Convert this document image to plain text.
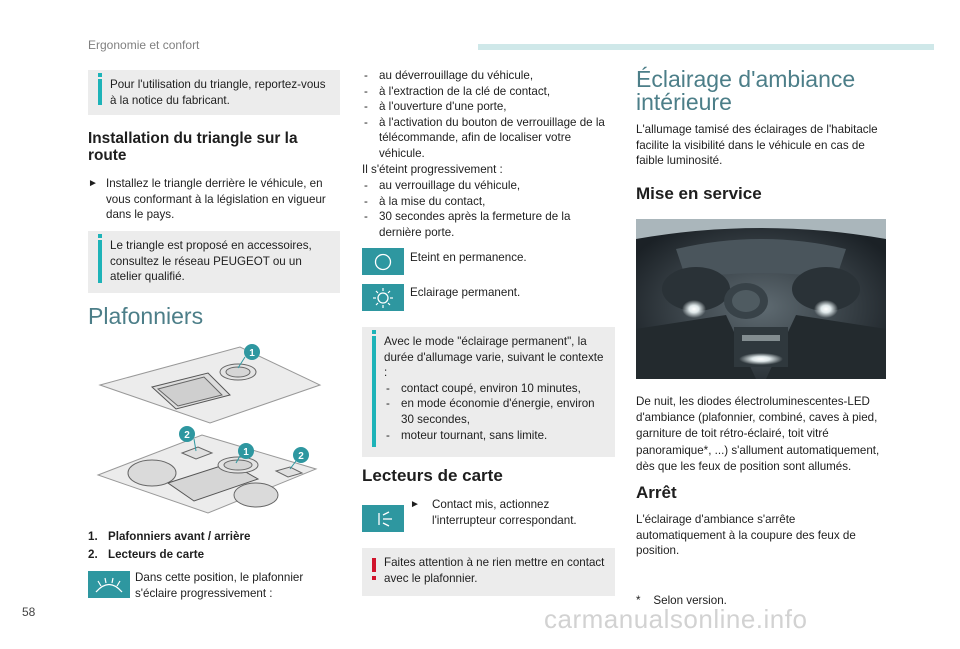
Ergonomie et confort
Pour l'utilisation du triangle, reportez-vous à la notice du fabricant.
Installation du triangle sur la route
► Installez le triangle derrière le véhicule, en vous conformant à la législation en vigueur dans le pays.
Le triangle est proposé en accessoires, consultez le réseau PEUGEOT ou un atelier qualifié.
Plafonniers
1
2
1	2
1. Plafonniers avant / arrière
2. Lecteurs de carte
Dans cette position, le plafonnier s'éclaire progressivement :
- au déverrouillage du véhicule,
- à l'extraction de la clé de contact,
- à l'ouverture d'une porte,
- à l'activation du bouton de verrouillage de la télécommande, afin de localiser votre véhicule.
Il s'éteint progressivement :
- au verrouillage du véhicule,
- à la mise du contact,
- 30 secondes après la fermeture de la dernière porte.
Eteint en permanence.
Eclairage permanent.
Avec le mode "éclairage permanent", la durée d'allumage varie, suivant le contexte :
- contact coupé, environ 10 minutes,
- en mode économie d'énergie, environ 30 secondes,
- moteur tournant, sans limite.
Lecteurs de carte
► Contact mis, actionnez l'interrupteur correspondant.
Faites attention à ne rien mettre en contact avec le plafonnier.
Éclairage d'ambiance intérieure
L'allumage tamisé des éclairages de l'habitacle facilite la visibilité dans le véhicule en cas de faible luminosité.
Mise en service
De nuit, les diodes électroluminescentes-LED d'ambiance (plafonnier, combiné, caves à pied, garniture de toit rétro-éclairé, toit vitré panoramique*, ...) s'allument automatiquement, dès que les feux de position sont allumés.
Arrêt
L'éclairage d'ambiance s'arrête automatiquement à la coupure des feux de position.
*    Selon version.
58	carmanualsonline.info
